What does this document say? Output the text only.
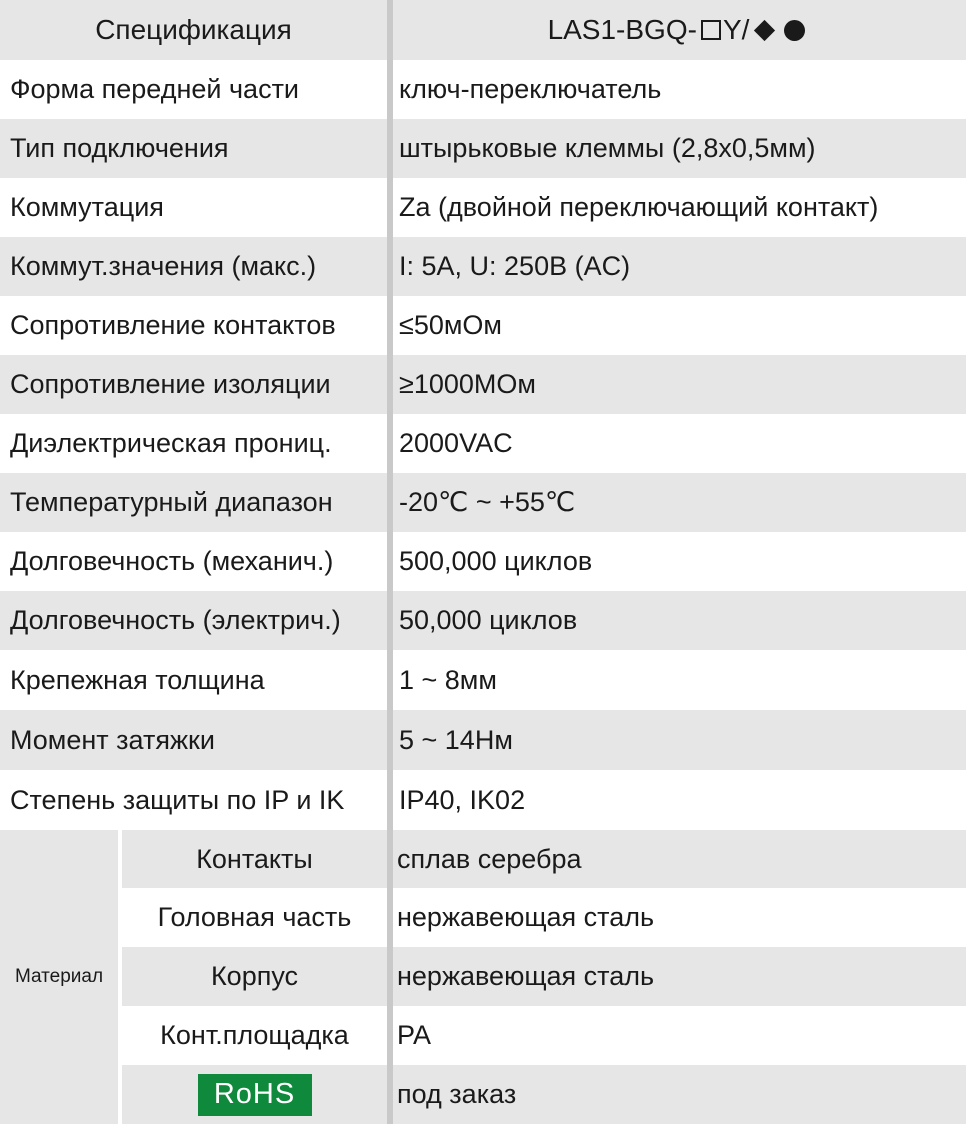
Спецификация	LAS1-BGQ- Y/
Форма передней части	ключ-переключатель
Тип подключения	штырьковые клеммы (2,8x0,5мм)
Коммутация	Za (двойной переключающий контакт)
Коммут.значения (макс.)	I: 5A, U: 250B (AC)
Сопротивление контактов	≤50мОм
Сопротивление изоляции	≥1000МОм
Диэлектрическая прониц.	2000VAC
Температурный диапазон	-20℃ ~ +55℃
Долговечность (механич.)	500,000 циклов
Долговечность (электрич.)	50,000 циклов
Крепежная толщина	1 ~ 8мм
Момент затяжки	5 ~ 14Нм
Степень защиты по IP и IK	IP40, IK02
Материал
Контакты	сплав серебра
Головная часть	нержавеющая сталь
Корпус	нержавеющая сталь
Конт.площадка	PA
RoHS	под заказ
